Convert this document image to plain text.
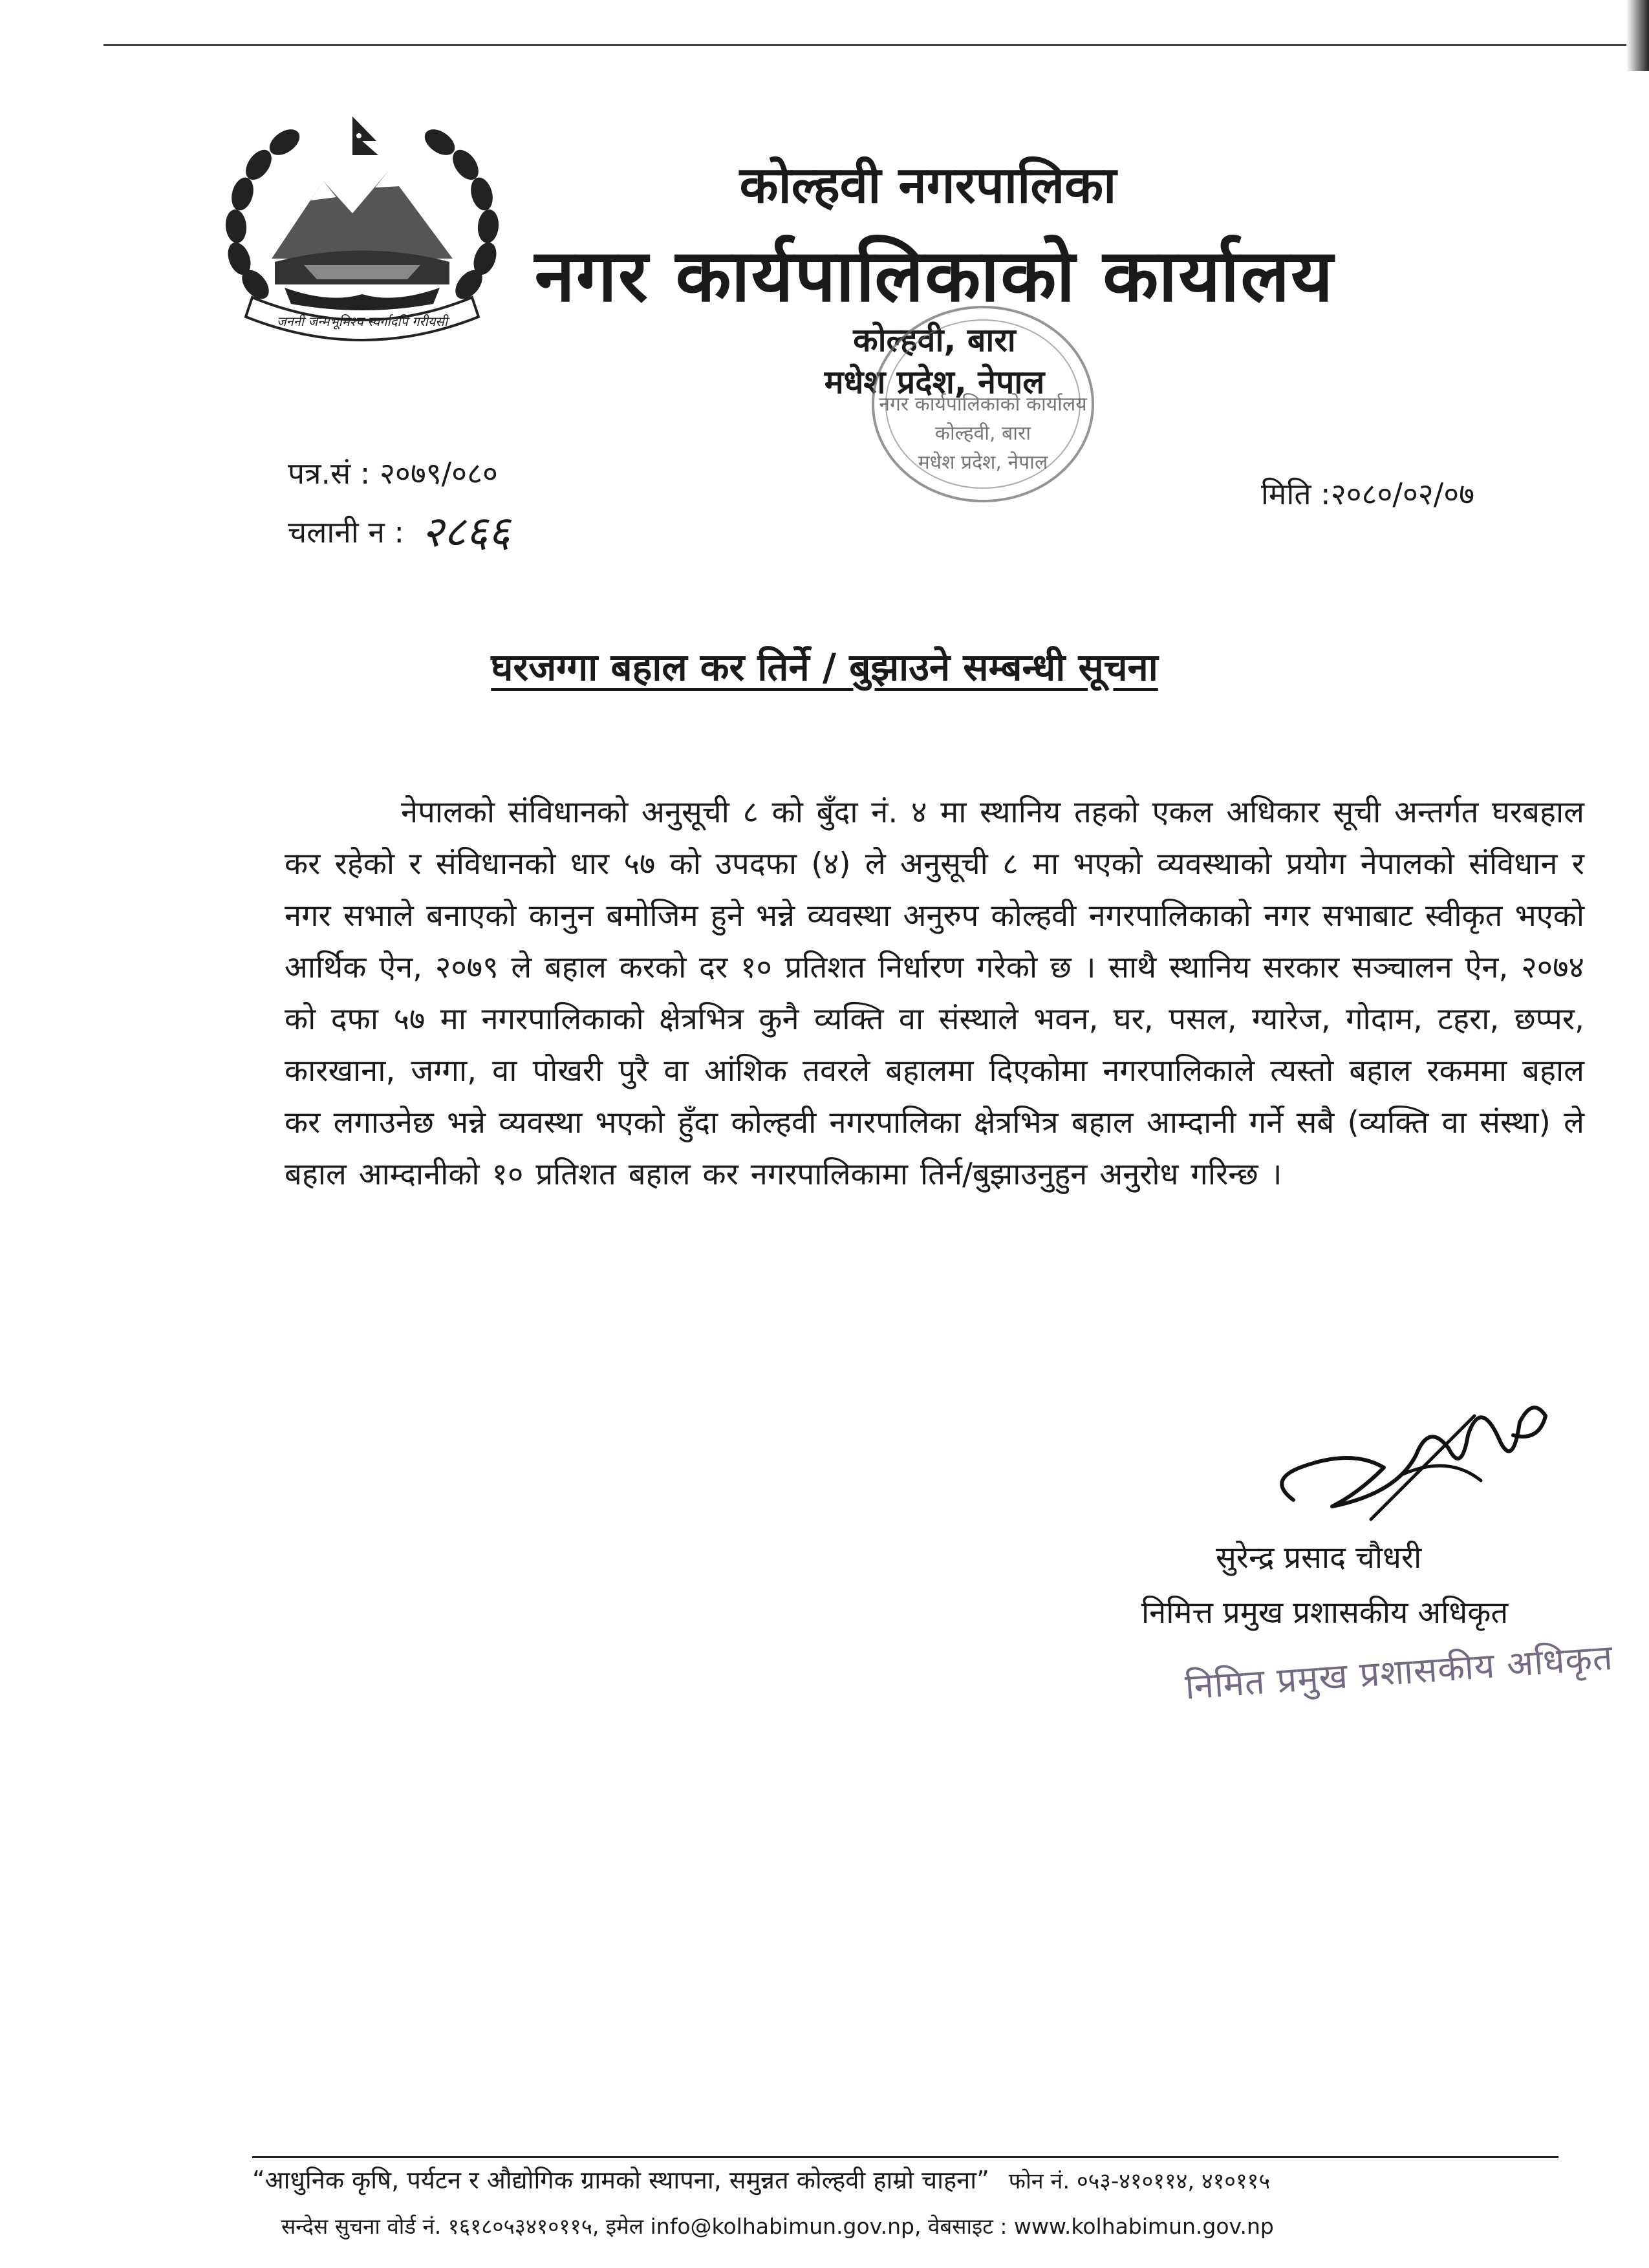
जननी जन्मभूमिश्च स्वर्गादपि गरीयसी
कोल्हवी नगरपालिका
नगर कार्यपालिकाको कार्यालय
कोल्हवी, बारा
मधेश प्रदेश, नेपाल
नगर कार्यपालिकाको कार्यालय
कोल्हवी, बारा
मधेश प्रदेश, नेपाल
पत्र.सं : २०७९/०८०
चलानी न : २८६६
मिति :२०८०/०२/०७
घरजग्गा बहाल कर तिर्ने / बुझाउने सम्बन्धी सूचना

नेपालको संविधानको अनुसूची ८ को बुँदा नं. ४ मा स्थानिय तहको एकल अधिकार सूची अन्तर्गत घरबहाल कर रहेको र संविधानको धार ५७ को उपदफा (४) ले अनुसूची ८ मा भएको व्यवस्थाको प्रयोग नेपालको संविधान र नगर सभाले बनाएको कानुन बमोजिम हुने भन्ने व्यवस्था अनुरुप कोल्हवी नगरपालिकाको नगर सभाबाट स्वीकृत भएको आर्थिक ऐन, २०७९ ले बहाल करको दर १० प्रतिशत निर्धारण गरेको छ । साथै स्थानिय सरकार सञ्चालन ऐन, २०७४ को दफा ५७ मा नगरपालिकाको क्षेत्रभित्र कुनै व्यक्ति वा संस्थाले भवन, घर, पसल, ग्यारेज, गोदाम, टहरा, छप्पर, कारखाना, जग्गा, वा पोखरी पुरै वा आंशिक तवरले बहालमा दिएकोमा नगरपालिकाले त्यस्तो बहाल रकममा बहाल कर लगाउनेछ भन्ने व्यवस्था भएको हुँदा कोल्हवी नगरपालिका क्षेत्रभित्र बहाल आम्दानी गर्ने सबै (व्यक्ति वा संस्था) ले बहाल आम्दानीको १० प्रतिशत बहाल कर नगरपालिकामा तिर्न/बुझाउनुहुन अनुरोध गरिन्छ ।

सुरेन्द्र प्रसाद चौधरी
निमित्त प्रमुख प्रशासकीय अधिकृत
निमित प्रमुख प्रशासकीय अधिकृत
“आधुनिक कृषि, पर्यटन र औद्योगिक ग्रामको स्थापना, समुन्नत कोल्हवी हाम्रो चाहना” फोन नं. ०५३-४१०११४, ४१०११५
सन्देस सुचना वोर्ड नं. १६१८०५३४१०११५, इमेल info@kolhabimun.gov.np, वेबसाइट : www.kolhabimun.gov.np
